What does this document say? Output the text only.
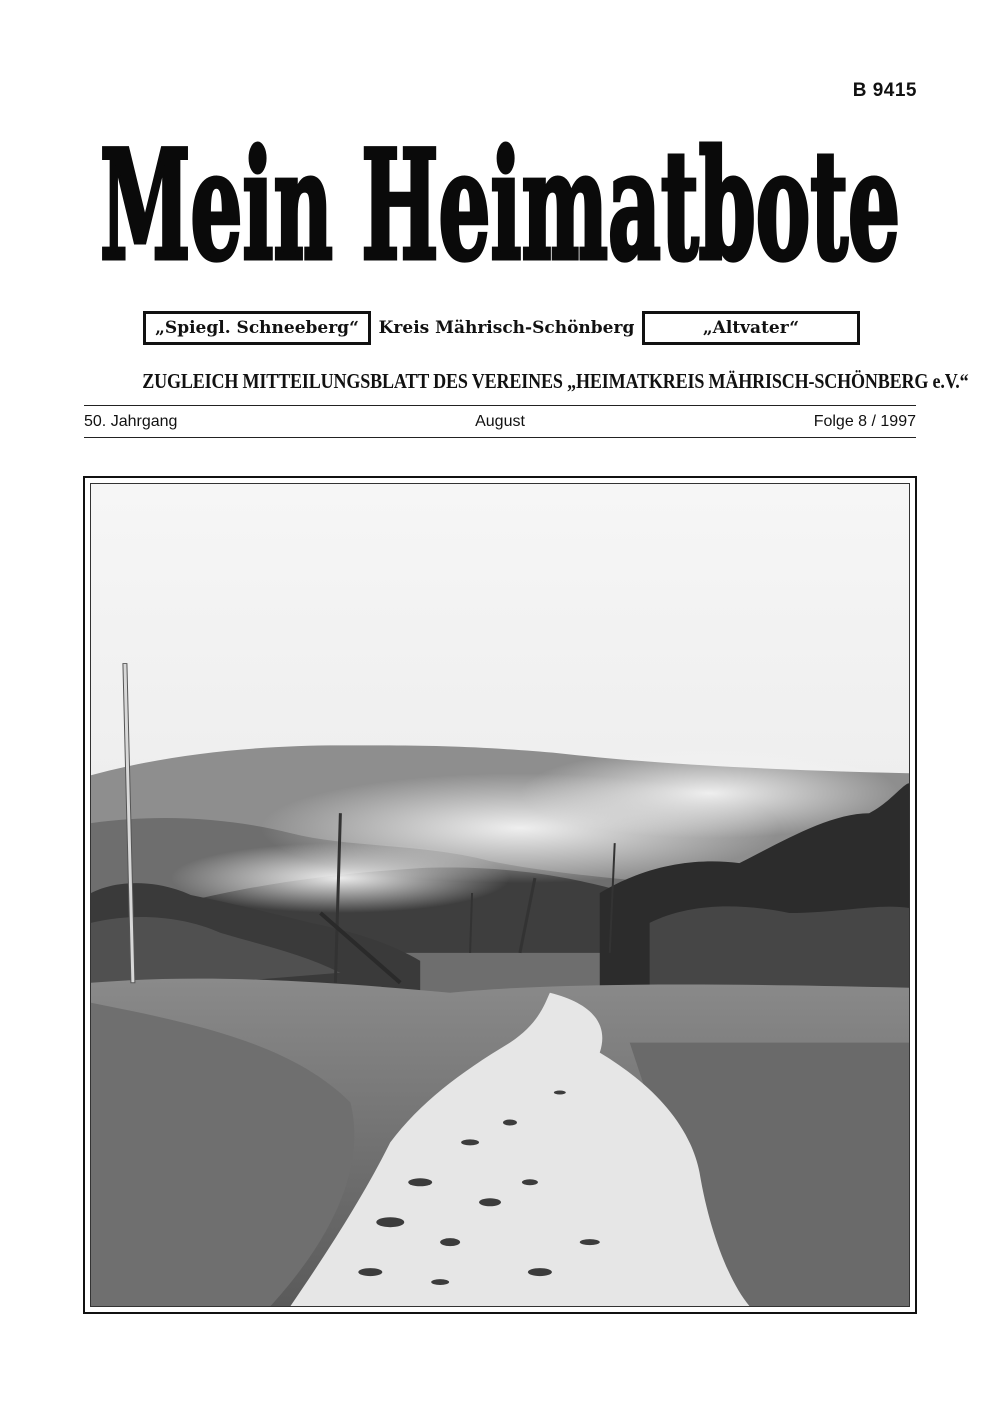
B 9415
Mein Heimatbote
„Spiegl. Schneeberg“	Kreis Mährisch-Schönberg	„Altvater“
ZUGLEICH MITTEILUNGSBLATT DES VEREINES „HEIMATKREIS MÄHRISCH-SCHÖNBERG e.V.“
50. Jahrgang	August	Folge 8 / 1997
